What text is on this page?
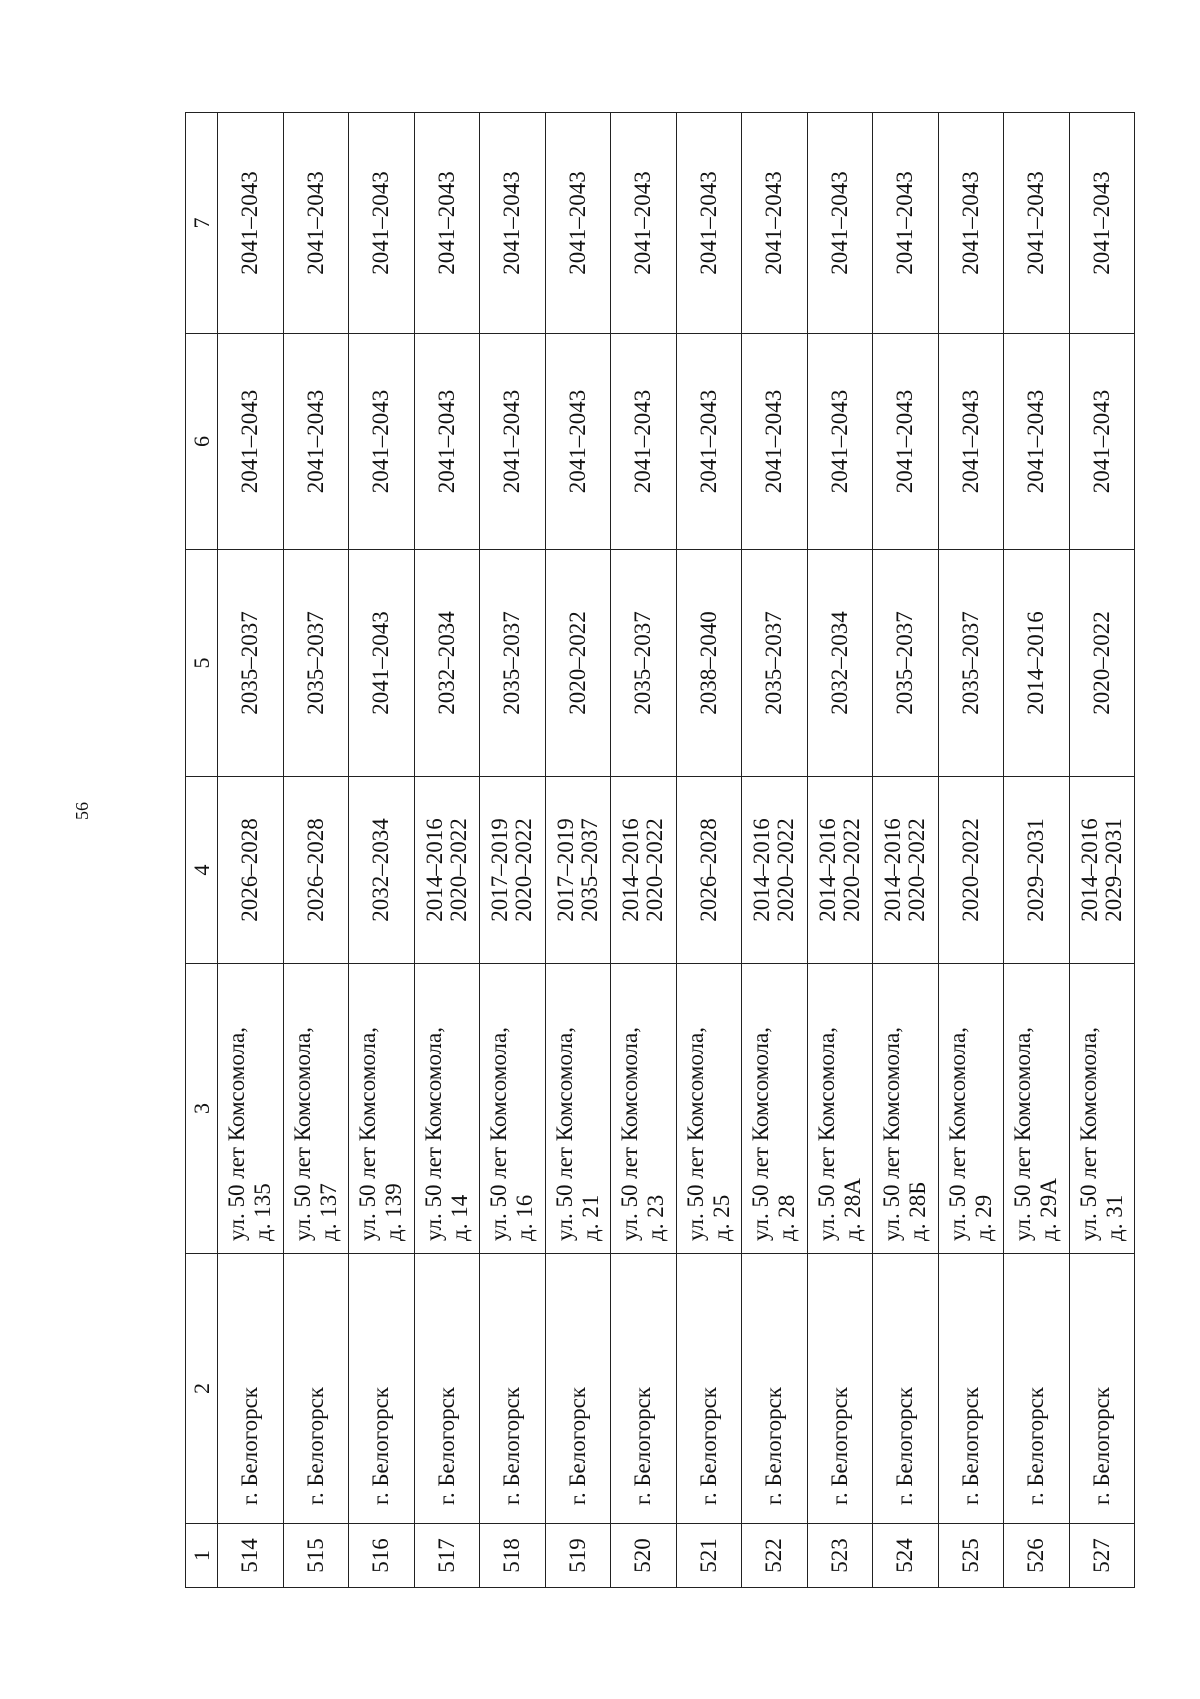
56
1	2	3	4	5	6	7
514	г. Белогорск	ул. 50 лет Комсомола, д. 135	2026–2028	2035–2037	2041–2043	2041–2043
515	г. Белогорск	ул. 50 лет Комсомола, д. 137	2026–2028	2035–2037	2041–2043	2041–2043
516	г. Белогорск	ул. 50 лет Комсомола, д. 139	2032–2034	2041–2043	2041–2043	2041–2043
517	г. Белогорск	ул. 50 лет Комсомола, д. 14	2014–2016 2020–2022	2032–2034	2041–2043	2041–2043
518	г. Белогорск	ул. 50 лет Комсомола, д. 16	2017–2019 2020–2022	2035–2037	2041–2043	2041–2043
519	г. Белогорск	ул. 50 лет Комсомола, д. 21	2017–2019 2035–2037	2020–2022	2041–2043	2041–2043
520	г. Белогорск	ул. 50 лет Комсомола, д. 23	2014–2016 2020–2022	2035–2037	2041–2043	2041–2043
521	г. Белогорск	ул. 50 лет Комсомола, д. 25	2026–2028	2038–2040	2041–2043	2041–2043
522	г. Белогорск	ул. 50 лет Комсомола, д. 28	2014–2016 2020–2022	2035–2037	2041–2043	2041–2043
523	г. Белогорск	ул. 50 лет Комсомола, д. 28А	2014–2016 2020–2022	2032–2034	2041–2043	2041–2043
524	г. Белогорск	ул. 50 лет Комсомола, д. 28Б	2014–2016 2020–2022	2035–2037	2041–2043	2041–2043
525	г. Белогорск	ул. 50 лет Комсомола, д. 29	2020–2022	2035–2037	2041–2043	2041–2043
526	г. Белогорск	ул. 50 лет Комсомола, д. 29А	2029–2031	2014–2016	2041–2043	2041–2043
527	г. Белогорск	ул. 50 лет Комсомола, д. 31	2014–2016 2029–2031	2020–2022	2041–2043	2041–2043
